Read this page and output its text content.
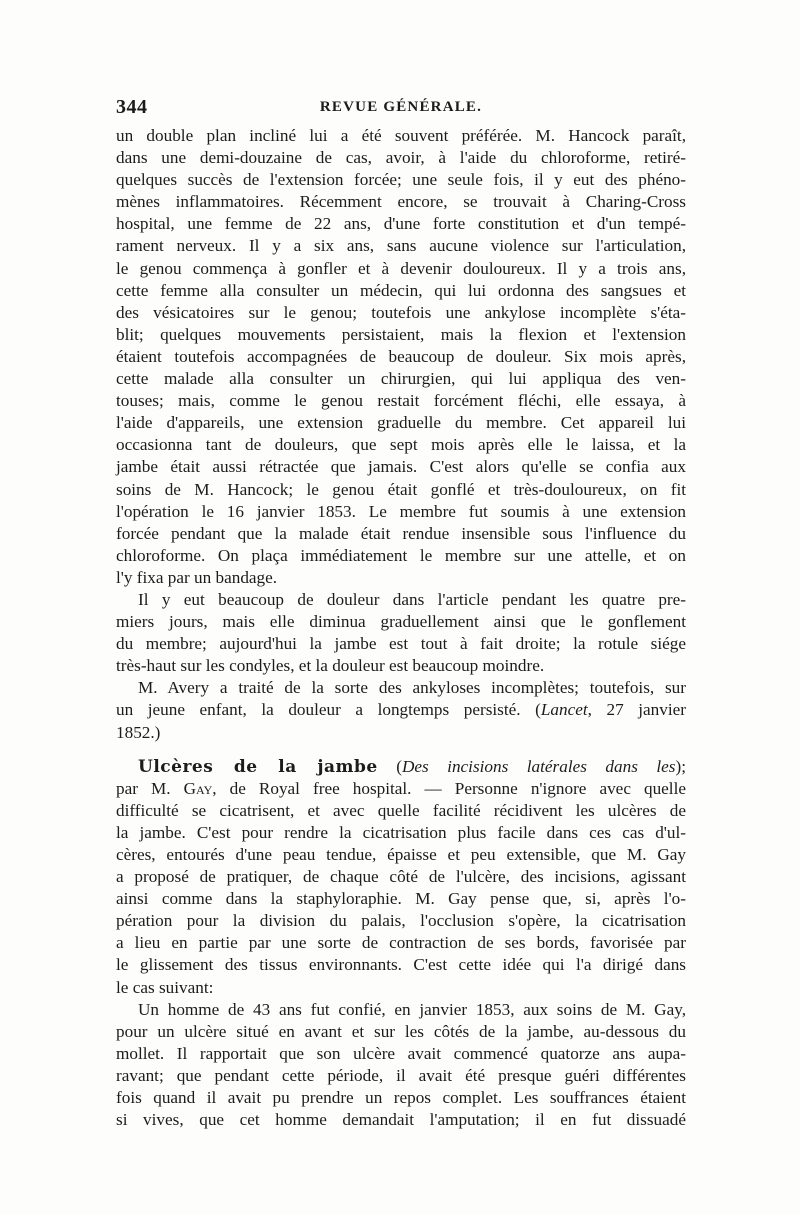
344	REVUE GÉNÉRALE.
un double plan incliné lui a été souvent préférée. M. Hancock paraît,
dans une demi-douzaine de cas, avoir, à l'aide du chloroforme, retiré-
quelques succès de l'extension forcée; une seule fois, il y eut des phéno-
mènes inflammatoires. Récemment encore, se trouvait à Charing-Cross
hospital, une femme de 22 ans, d'une forte constitution et d'un tempé-
rament nerveux. Il y a six ans, sans aucune violence sur l'articulation,
le genou commença à gonfler et à devenir douloureux. Il y a trois ans,
cette femme alla consulter un médecin, qui lui ordonna des sangsues et
des vésicatoires sur le genou; toutefois une ankylose incomplète s'éta-
blit; quelques mouvements persistaient, mais la flexion et l'extension
étaient toutefois accompagnées de beaucoup de douleur. Six mois après,
cette malade alla consulter un chirurgien, qui lui appliqua des ven-
touses; mais, comme le genou restait forcément fléchi, elle essaya, à
l'aide d'appareils, une extension graduelle du membre. Cet appareil lui
occasionna tant de douleurs, que sept mois après elle le laissa, et la
jambe était aussi rétractée que jamais. C'est alors qu'elle se confia aux
soins de M. Hancock; le genou était gonflé et très-douloureux, on fit
l'opération le 16 janvier 1853. Le membre fut soumis à une extension
forcée pendant que la malade était rendue insensible sous l'influence du
chloroforme. On plaça immédiatement le membre sur une attelle, et on
l'y fixa par un bandage.
Il y eut beaucoup de douleur dans l'article pendant les quatre pre-
miers jours, mais elle diminua graduellement ainsi que le gonflement
du membre; aujourd'hui la jambe est tout à fait droite; la rotule siége
très-haut sur les condyles, et la douleur est beaucoup moindre.
M. Avery a traité de la sorte des ankyloses incomplètes; toutefois, sur
un jeune enfant, la douleur a longtemps persisté. (Lancet, 27 janvier
1852.)
Ulcères de la jambe (Des incisions latérales dans les);
par M. Gay, de Royal free hospital. — Personne n'ignore avec quelle
difficulté se cicatrisent, et avec quelle facilité récidivent les ulcères de
la jambe. C'est pour rendre la cicatrisation plus facile dans ces cas d'ul-
cères, entourés d'une peau tendue, épaisse et peu extensible, que M. Gay
a proposé de pratiquer, de chaque côté de l'ulcère, des incisions, agissant
ainsi comme dans la staphyloraphie. M. Gay pense que, si, après l'o-
pération pour la division du palais, l'occlusion s'opère, la cicatrisation
a lieu en partie par une sorte de contraction de ses bords, favorisée par
le glissement des tissus environnants. C'est cette idée qui l'a dirigé dans
le cas suivant:
Un homme de 43 ans fut confié, en janvier 1853, aux soins de M. Gay,
pour un ulcère situé en avant et sur les côtés de la jambe, au-dessous du
mollet. Il rapportait que son ulcère avait commencé quatorze ans aupa-
ravant; que pendant cette période, il avait été presque guéri différentes
fois quand il avait pu prendre un repos complet. Les souffrances étaient
si vives, que cet homme demandait l'amputation; il en fut dissuadé
